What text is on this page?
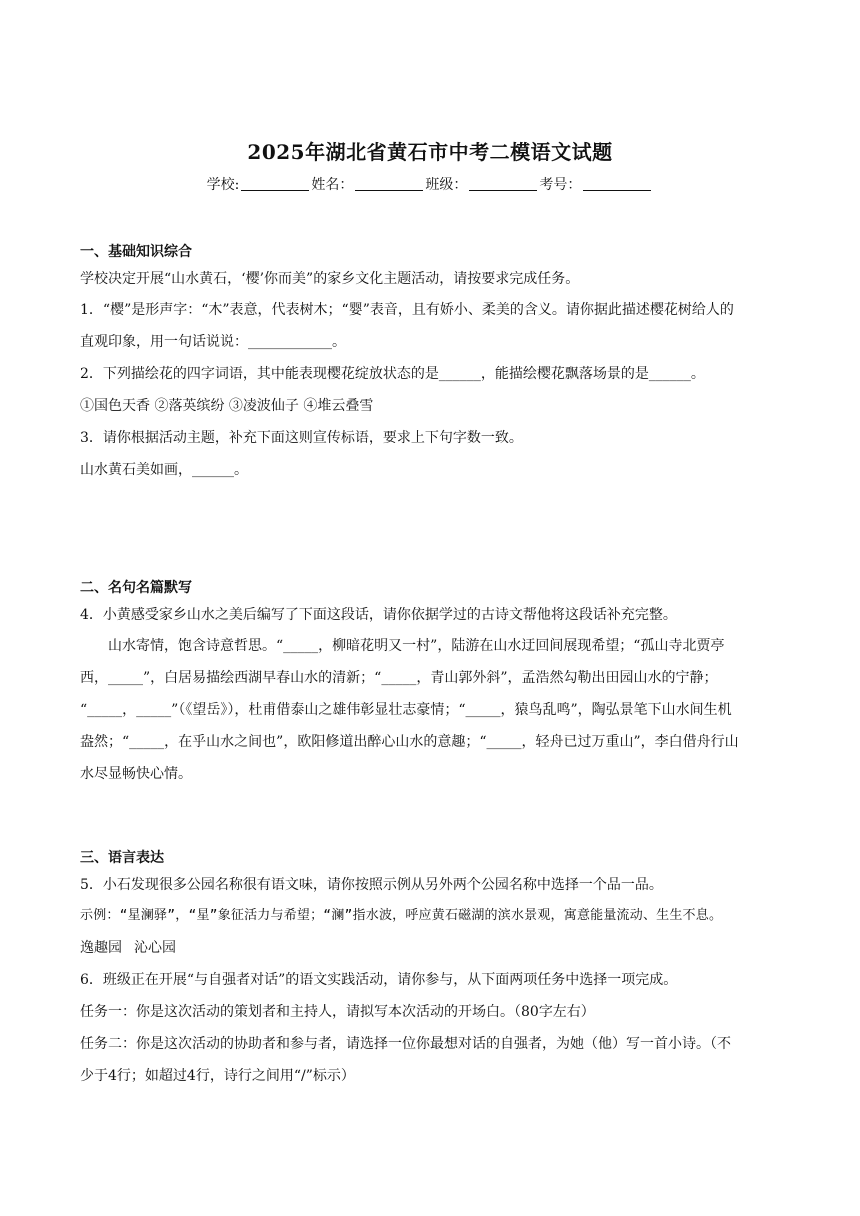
2025年湖北省黄石市中考二模语文试题
学校:	姓名：	班级：	考号：

一、基础知识综合

学校决定开展“山水黄石，‘樱’你而美”的家乡文化主题活动，请按要求完成任务。

1．“樱”是形声字：“木”表意，代表树木；“婴”表音，且有娇小、柔美的含义。请你据此描述樱花树给人的

直观印象，用一句话说说：____________。

2．下列描绘花的四字词语，其中能表现樱花绽放状态的是______，能描绘樱花飘落场景的是______。

①国色天香 ②落英缤纷 ③凌波仙子 ④堆云叠雪

3．请你根据活动主题，补充下面这则宣传标语，要求上下句字数一致。

山水黄石美如画，______。

二、名句名篇默写

4．小黄感受家乡山水之美后编写了下面这段话，请你依据学过的古诗文帮他将这段话补充完整。

山水寄情，饱含诗意哲思。“_____，柳暗花明又一村”，陆游在山水迂回间展现希望；“孤山寺北贾亭

西，_____”，白居易描绘西湖早春山水的清新；“_____，青山郭外斜”，孟浩然勾勒出田园山水的宁静；

“_____，_____”（《望岳》），杜甫借泰山之雄伟彰显壮志豪情；“_____，猿鸟乱鸣”，陶弘景笔下山水间生机

盎然；“_____，在乎山水之间也”，欧阳修道出醉心山水的意趣；“_____，轻舟已过万重山”，李白借舟行山

水尽显畅快心情。

三、语言表达

5．小石发现很多公园名称很有语文味，请你按照示例从另外两个公园名称中选择一个品一品。

示例：“星澜驿”，“星”象征活力与希望；“澜”指水波，呼应黄石磁湖的滨水景观，寓意能量流动、生生不息。

逸趣园 沁心园

6．班级正在开展“与自强者对话”的语文实践活动，请你参与，从下面两项任务中选择一项完成。

任务一：你是这次活动的策划者和主持人，请拟写本次活动的开场白。（80字左右）

任务二：你是这次活动的协助者和参与者，请选择一位你最想对话的自强者，为她（他）写一首小诗。（不

少于4行；如超过4行，诗行之间用“/”标示）
